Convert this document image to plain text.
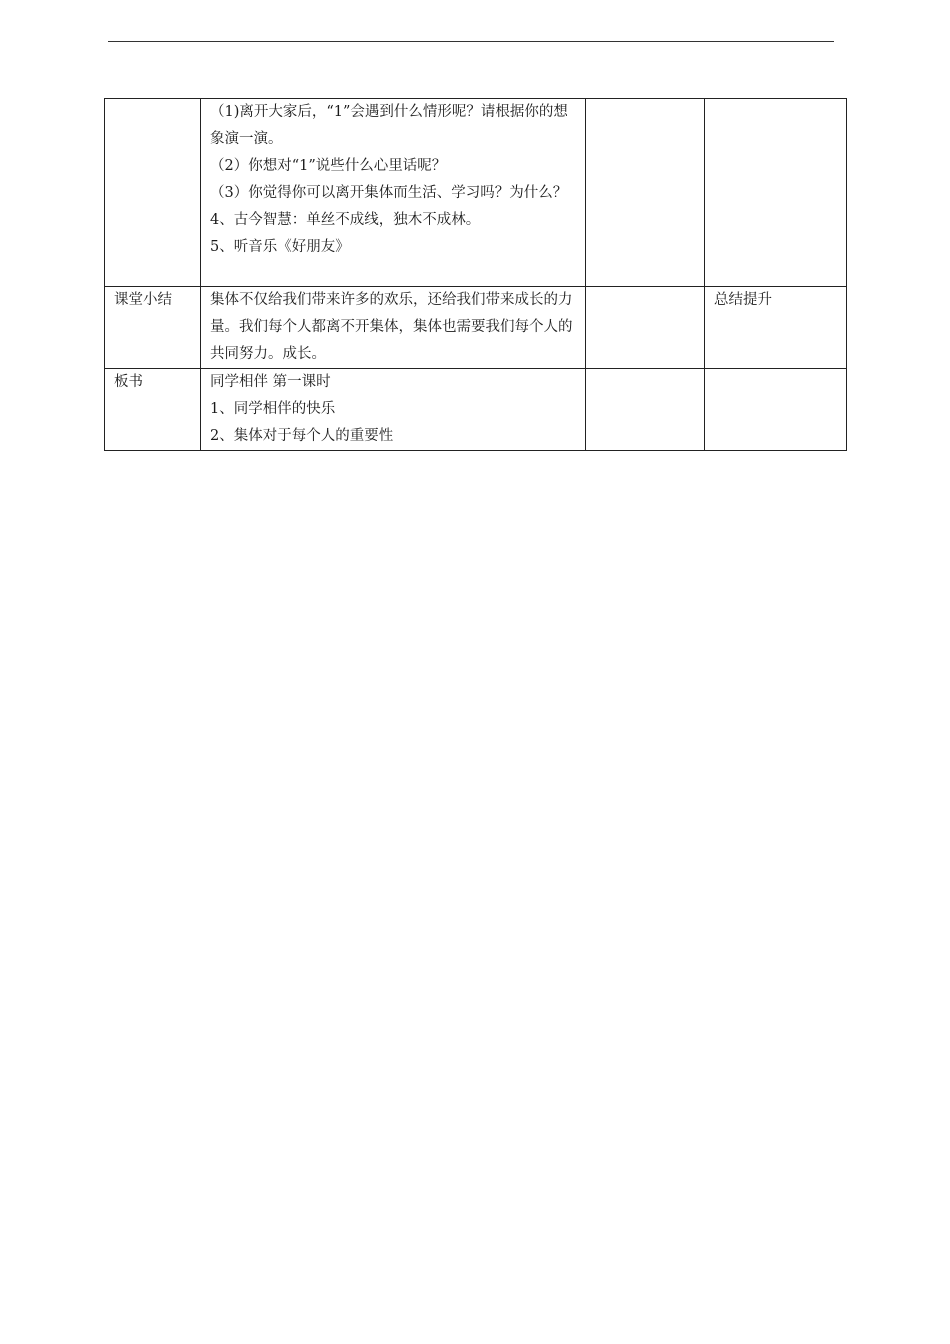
	（1)离开大家后，“1”会遇到什么情形呢？请根据你的想象演一演。
（2）你想对“1”说些什么心里话呢？
（3）你觉得你可以离开集体而生活、学习吗？为什么？
4、古今智慧：单丝不成线，独木不成林。
5、听音乐《好朋友》		

课堂小结	集体不仅给我们带来许多的欢乐，还给我们带来成长的力量。我们每个人都离不开集体，集体也需要我们每个人的共同努力。成长。		总结提升
板书	同学相伴 第一课时
1、同学相伴的快乐
2、集体对于每个人的重要性		
